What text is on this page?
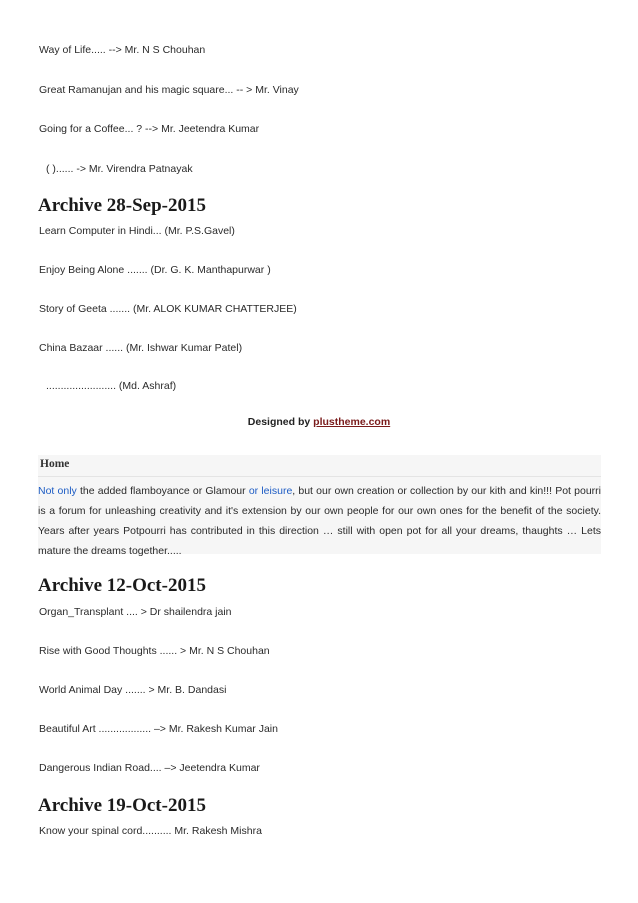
Way of Life..... --> Mr. N S Chouhan
Great Ramanujan and his magic square... -- > Mr. Vinay
Going for a Coffee... ? --> Mr. Jeetendra Kumar
( )...... -> Mr. Virendra Patnayak
Archive 28-Sep-2015
Learn Computer in Hindi... (Mr. P.S.Gavel)
Enjoy Being Alone ....... (Dr. G. K. Manthapurwar )
Story of Geeta ....... (Mr. ALOK KUMAR CHATTERJEE)
China Bazaar ...... (Mr. Ishwar Kumar Patel)
........................ (Md. Ashraf)
Designed by plustheme.com
Home
Not only the added flamboyance or Glamour or leisure, but our own creation or collection by our kith and kin!!! Pot pourri is a forum for unleashing creativity and it's extension by our own people for our own ones for the benefit of the society. Years after years Potpourri has contributed in this direction … still with open pot for all your dreams, thaughts … Lets mature the dreams together.....
Archive 12-Oct-2015
Organ_Transplant .... > Dr shailendra jain
Rise with Good Thoughts ...... > Mr. N S Chouhan
World Animal Day ....... > Mr. B. Dandasi
Beautiful Art .................. –> Mr. Rakesh Kumar Jain
Dangerous Indian Road.... –> Jeetendra Kumar
Archive 19-Oct-2015
Know your spinal cord.......... Mr. Rakesh Mishra
